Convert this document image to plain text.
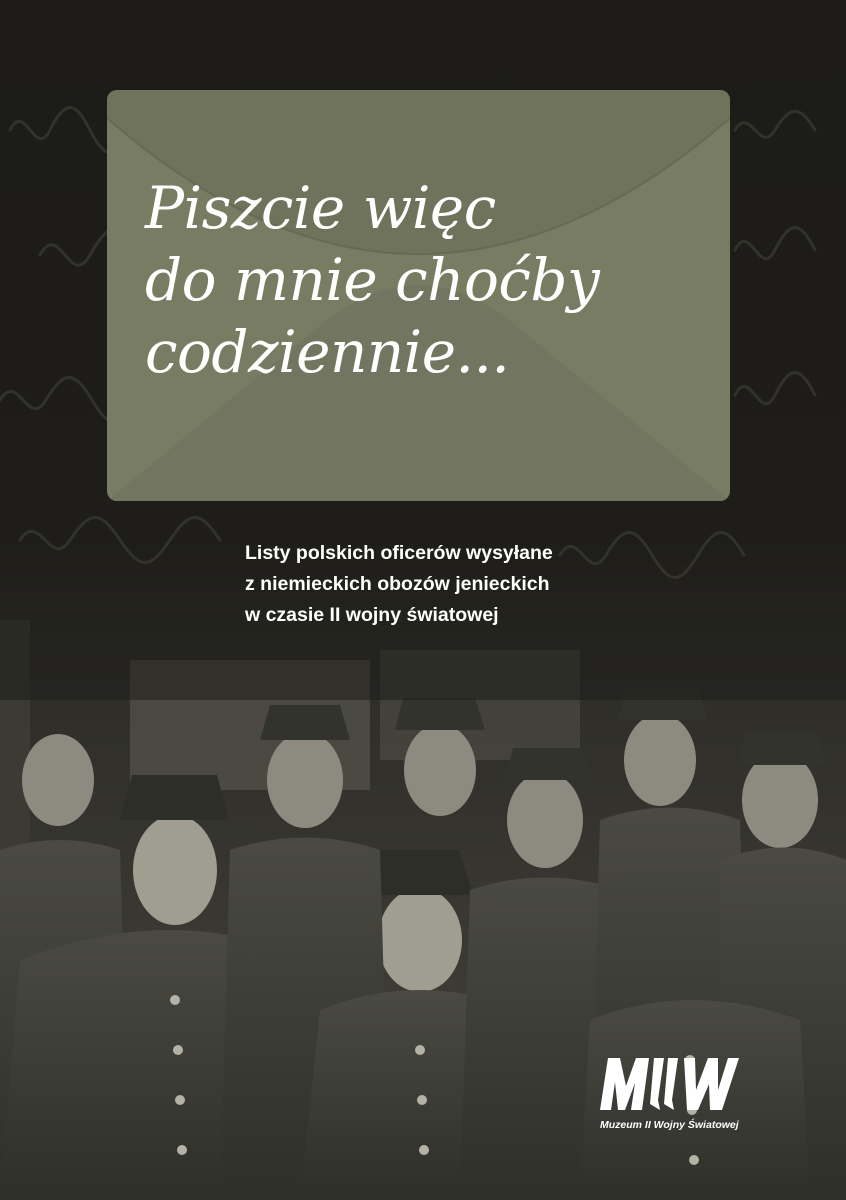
Piszcie więc
do mnie choćby
codziennie...
Listy polskich oficerów wysyłane
z niemieckich obozów jenieckich
w czasie II wojny światowej
Muzeum II Wojny Światowej
